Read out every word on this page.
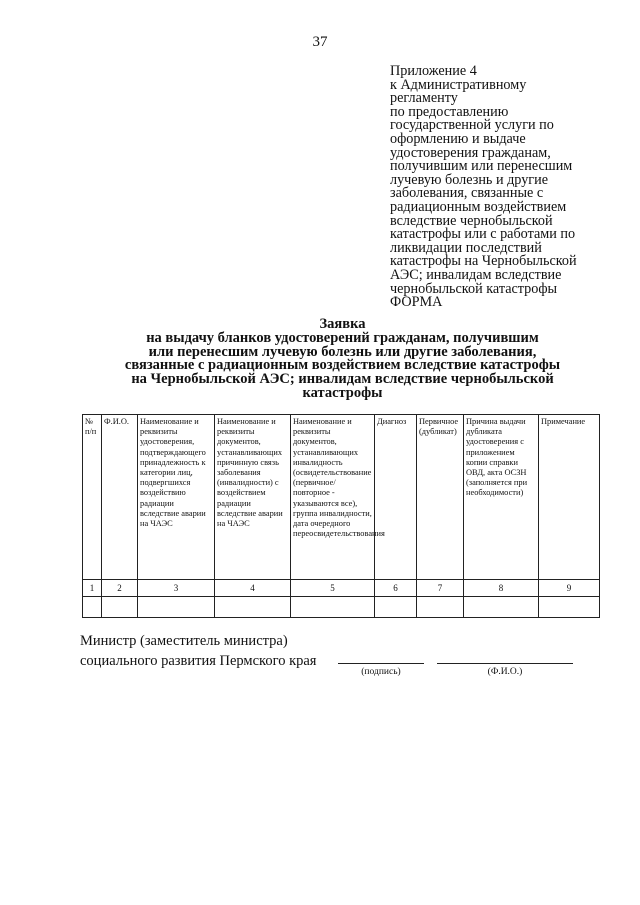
37
Приложение 4
к Административному
регламенту
по предоставлению
государственной услуги по
оформлению и выдаче
удостоверения гражданам,
получившим или перенесшим
лучевую болезнь и другие
заболевания, связанные с
радиационным воздействием
вследствие чернобыльской
катастрофы или с работами по
ликвидации последствий
катастрофы на Чернобыльской
АЭС; инвалидам вследствие
чернобыльской катастрофы
ФОРМА
Заявка
на выдачу бланков удостоверений гражданам, получившим
или перенесшим лучевую болезнь или другие заболевания,
связанные с радиационным воздействием вследствие катастрофы
на Чернобыльской АЭС; инвалидам вследствие чернобыльской
катастрофы
№ п/п	Ф.И.О.	Наименование и реквизиты удостоверения, подтверждающего принадлежность к категории лиц, подвергшихся воздействию радиации вследствие аварии на ЧАЭС	Наименование и реквизиты документов, устанавливающих причинную связь заболевания (инвалидности) с воздействием радиации вследствие аварии на ЧАЭС	Наименование и реквизиты документов, устанавливающих инвалидность (освидетельствование (первичное/повторное - указываются все), группа инвалидности, дата очередного переосвидетельствования	Диагноз	Первичное (дубликат)	Причина выдачи дубликата удостоверения с приложением копии справки ОВД, акта ОСЗН (заполняется при необходимости)	Примечание
1	2	3	4	5	6	7	8	9

Министр (заместитель министра)
социального развития Пермского края
(подпись)	(Ф.И.О.)
